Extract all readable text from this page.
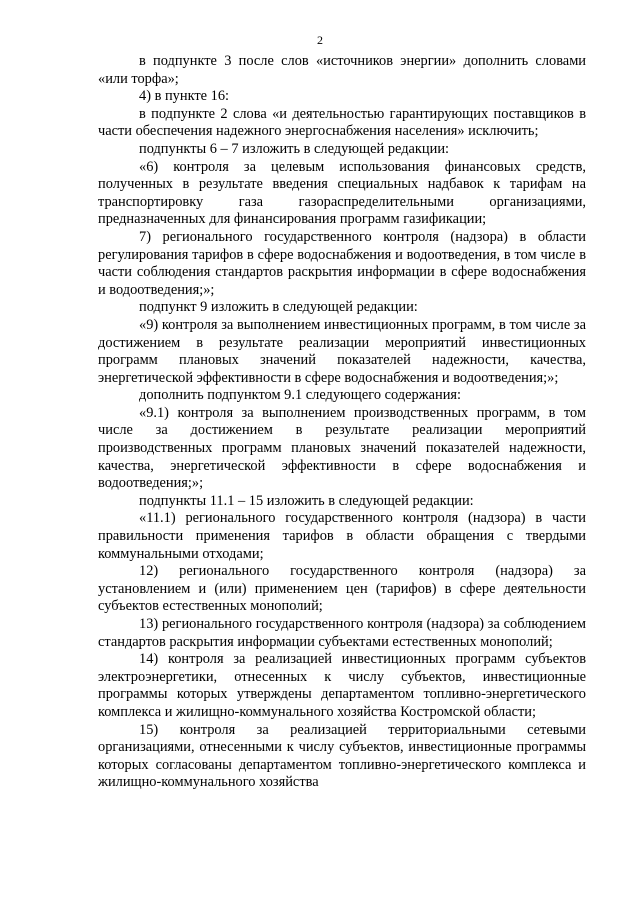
2

в подпункте 3 после слов «источников энергии» дополнить словами «или торфа»;

4) в пункте 16:

в подпункте 2 слова «и деятельностью гарантирующих поставщиков в части обеспечения надежного энергоснабжения населения» исключить;

подпункты 6 – 7 изложить в следующей редакции:

«6) контроля за целевым использования финансовых средств, полученных в результате введения специальных надбавок к тарифам на транспортировку газа газораспределительными организациями, предназначенных для финансирования программ газификации;

7) регионального государственного контроля (надзора) в области регулирования тарифов в сфере водоснабжения и водоотведения, в том числе в части соблюдения стандартов раскрытия информации в сфере водоснабжения и водоотведения;»;

подпункт 9 изложить в следующей редакции:

«9) контроля за выполнением инвестиционных программ, в том числе за достижением в результате реализации мероприятий инвестиционных программ плановых значений показателей надежности, качества, энергетической эффективности в сфере водоснабжения и водоотведения;»;

дополнить подпунктом 9.1 следующего содержания:

«9.1) контроля за выполнением производственных программ, в том числе за достижением в результате реализации мероприятий производственных программ плановых значений показателей надежности, качества, энергетической эффективности в сфере водоснабжения и водоотведения;»;

подпункты 11.1 – 15 изложить в следующей редакции:

«11.1) регионального государственного контроля (надзора) в части правильности применения тарифов в области обращения с твердыми коммунальными отходами;

12) регионального государственного контроля (надзора) за установлением и (или) применением цен (тарифов) в сфере деятельности субъектов естественных монополий;

13) регионального государственного контроля (надзора) за соблюдением стандартов раскрытия информации субъектами естественных монополий;

14) контроля за реализацией инвестиционных программ субъектов электроэнергетики, отнесенных к числу субъектов, инвестиционные программы которых утверждены департаментом топливно-энергетического комплекса и жилищно-коммунального хозяйства Костромской области;

15) контроля за реализацией территориальными сетевыми организациями, отнесенными к числу субъектов, инвестиционные программы которых согласованы департаментом топливно-энергетического комплекса и жилищно-коммунального хозяйства
